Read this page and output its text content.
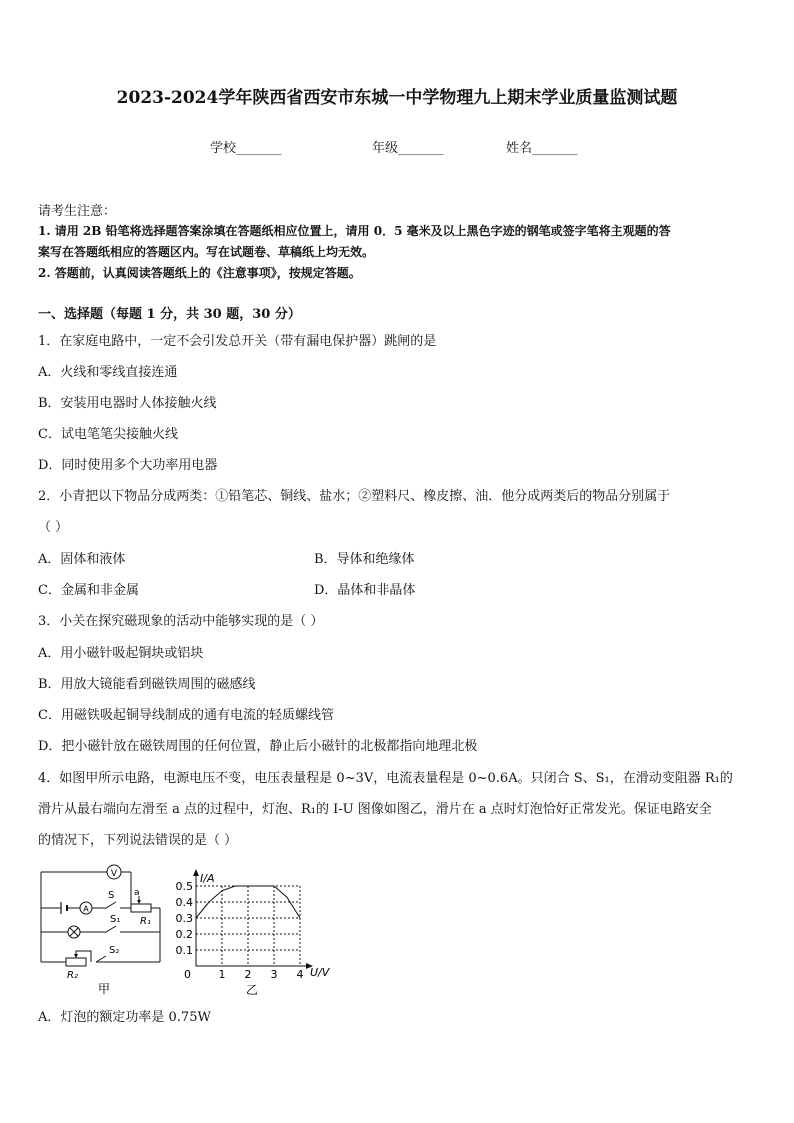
2023-2024学年陕西省西安市东城一中学物理九上期末学业质量监测试题
学校_______	年级_______	姓名_______
请考生注意：
1. 请用 2B 铅笔将选择题答案涂填在答题纸相应位置上，请用 0．5 毫米及以上黑色字迹的钢笔或签字笔将主观题的答
案写在答题纸相应的答题区内。写在试题卷、草稿纸上均无效。
2. 答题前，认真阅读答题纸上的《注意事项》，按规定答题。
一、选择题（每题 1 分，共 30 题，30 分）
1．在家庭电路中，一定不会引发总开关（带有漏电保护器）跳闸的是
A．火线和零线直接连通
B．安装用电器时人体接触火线
C．试电笔笔尖接触火线
D．同时使用多个大功率用电器
2．小青把以下物品分成两类：①铅笔芯、铜线、盐水；②塑料尺、橡皮擦、油．他分成两类后的物品分别属于
（ ）
A．固体和液体	B．导体和绝缘体
C．金属和非金属	D．晶体和非晶体
3．小关在探究磁现象的活动中能够实现的是（ ）
A．用小磁针吸起铜块或铝块
B．用放大镜能看到磁铁周围的磁感线
C．用磁铁吸起铜导线制成的通有电流的轻质螺线管
D．把小磁针放在磁铁周围的任何位置，静止后小磁针的北极都指向地理北极
4．如图甲所示电路，电源电压不变，电压表量程是 0~3V，电流表量程是 0~0.6A。只闭合 S、S₁，在滑动变阻器 R₁的
滑片从最右端向左滑至 a 点的过程中，灯泡、R₁的 I-U 图像如图乙，滑片在 a 点时灯泡恰好正常发光。保证电路安全
的情况下，下列说法错误的是（ ）
V
A
a
R₁
S
S₁
R₂
S₂
甲
1 2 3 4
0.5
0.4
0.3
0.2
0.1
I/A
U/V
0
乙
A．灯泡的额定功率是 0.75W
